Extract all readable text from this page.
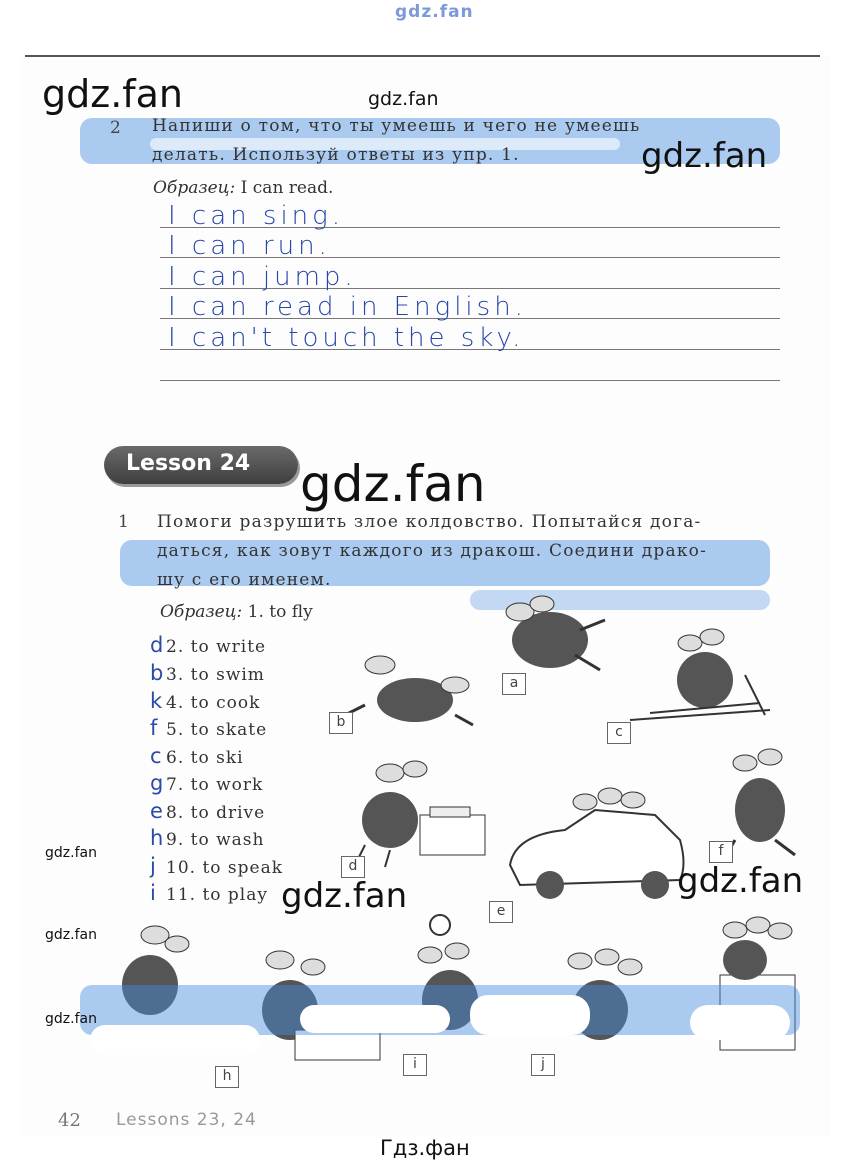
gdz.fan
2 Напиши о том, что ты умеешь и чего не умеешь
делать. Используй ответы из упр. 1.
gdz.fan	gdz.fan
gdz.fan
Образец: I can read.
I can sing.
I can run.
I can jump.
I can read in English.
I can't touch the sky.
Lesson 24 gdz.fan
1 Помоги разрушить злое колдовство. Попытайся дога-
даться, как зовут каждого из дракош. Соедини драко-
шу с его именем.
Образец: 1. to fly
d2. to write
b3. to swim
k 4. to cook
f 5. to skate
c 6. to ski
g7. to work
e 8. to drive
h9. to wash
j 10. to speak
i 11. to play
a
b
c
d
e
f
h
i	j
gdz.fan
gdz.fan
gdz.fan
gdz.fan
gdz.fan
42 Lessons 23, 24
Гдз.фан
